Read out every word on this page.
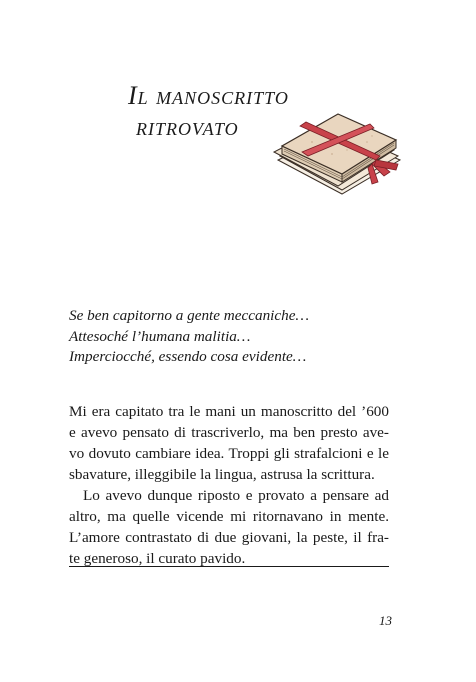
Il manoscritto
ritrovato
Se ben capitorno a gente meccaniche…
Attesoché l’humana malitia…
Imperciocché, essendo cosa evidente…
Mi era capitato tra le mani un manoscritto del ’600
e avevo pensato di trascriverlo, ma ben presto ave-
vo dovuto cambiare idea. Troppi gli strafalcioni e le
sbavature, illeggibile la lingua, astrusa la scrittura.
Lo avevo dunque riposto e provato a pensare ad
altro, ma quelle vicende mi ritornavano in mente.
L’amore contrastato di due giovani, la peste, il fra-
te generoso, il curato pavido.
13
